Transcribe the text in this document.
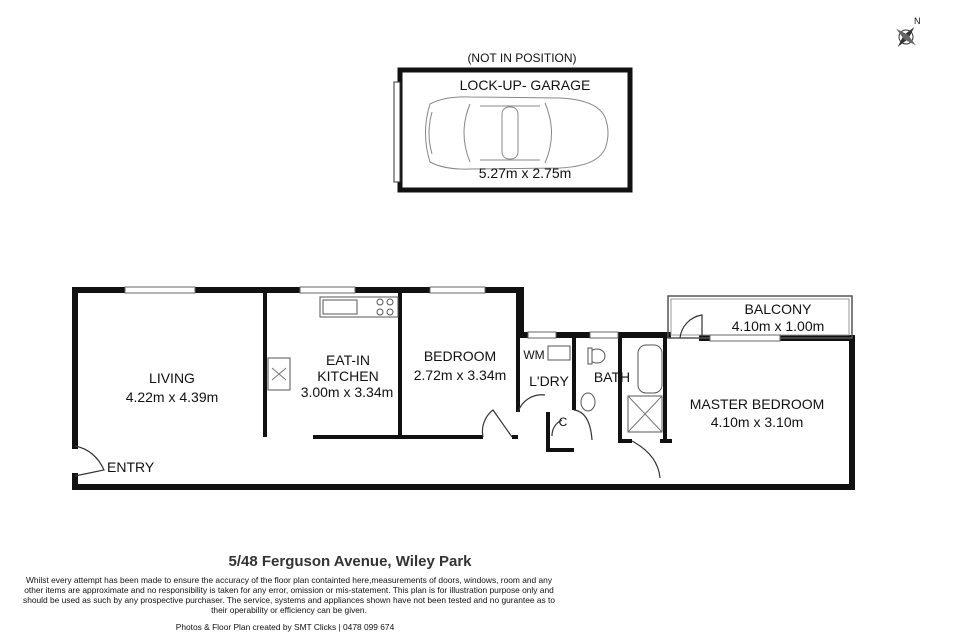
(NOT IN POSITION)
LOCK-UP- GARAGE
5.27m x 2.75m
N
BALCONY
4.10m x 1.00m
LIVING
4.22m x 4.39m
EAT-IN
KITCHEN
3.00m x 3.34m
BEDROOM
2.72m x 3.34m
WM
L'DRY BATH
C
MASTER BEDROOM
4.10m x 3.10m
ENTRY
5/48 Ferguson Avenue, Wiley Park
Whilst every attempt has been made to ensure the accuracy of the floor plan containted here,measurements of doors, windows, room and any other items are approximate and no responsibility is taken for any error, omission or mis-statement. This plan is for illustration purpose only and should be used as such by any prospective purchaser. The service, systems and appliances shown have not been tested and no gurantee as to their operability or efficiency can be given.
Photos & Floor Plan created by SMT Clicks | 0478 099 674
